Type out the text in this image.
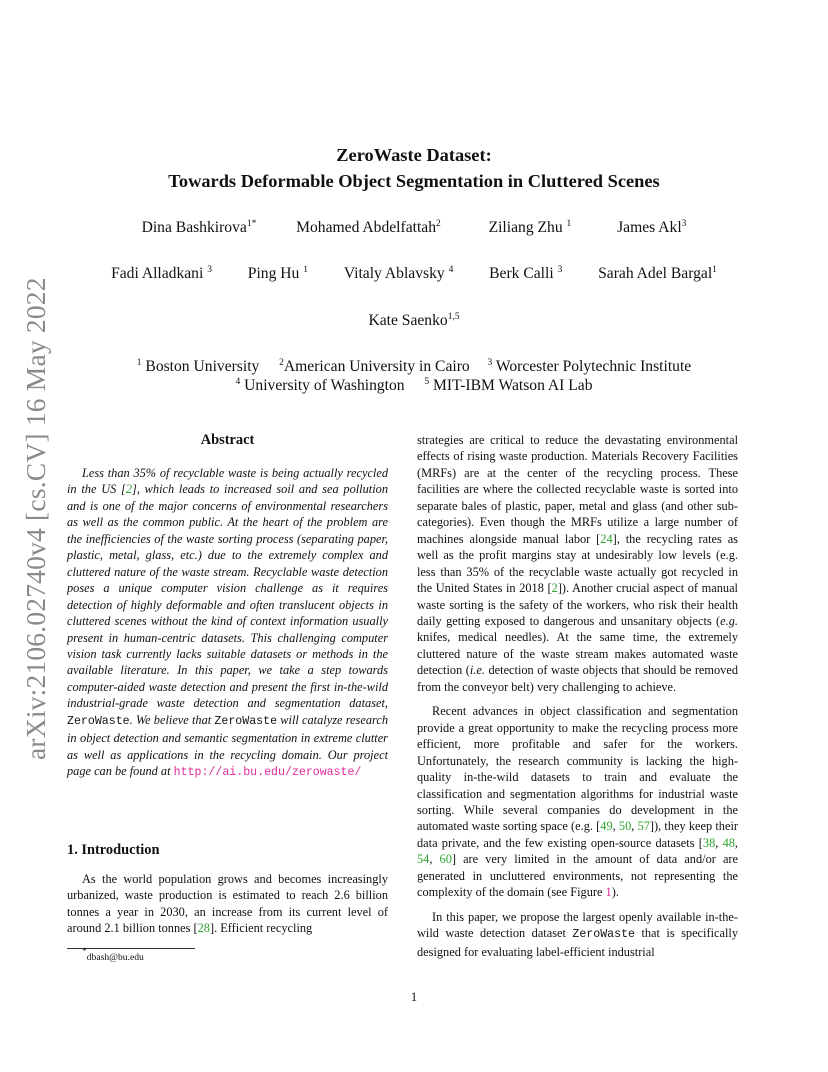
arXiv:2106.02740v4 [cs.CV] 16 May 2022
ZeroWaste Dataset:
Towards Deformable Object Segmentation in Cluttered Scenes
Dina Bashkirova$^{1*}$	Mohamed Abdelfattah$^2$	Ziliang Zhu $^1$	James Akl$^3$
Fadi Alladkani $^3$ Ping Hu $^1$ Vitaly Ablavsky $^4$ Berk Calli $^3$ Sarah Adel Bargal$^1$
Kate Saenko$^{1,5}$
$^1$ Boston University $^2$American University in Cairo $^3$ Worcester Polytechnic Institute
$^4$ University of Washington $^5$ MIT-IBM Watson AI Lab
Abstract

Less than 35% of recyclable waste is being actually recycled in the US [2], which leads to increased soil and sea pollution and is one of the major concerns of environmental researchers as well as the common public. At the heart of the problem are the inefficiencies of the waste sorting process (separating paper, plastic, metal, glass, etc.) due to the extremely complex and cluttered nature of the waste stream. Recyclable waste detection poses a unique computer vision challenge as it requires detection of highly deformable and often translucent objects in cluttered scenes without the kind of context information usually present in human-centric datasets. This challenging computer vision task currently lacks suitable datasets or methods in the available literature. In this paper, we take a step towards computer-aided waste detection and present the first in-the-wild industrial-grade waste detection and segmentation dataset, ZeroWaste. We believe that ZeroWaste will catalyze research in object detection and semantic segmentation in extreme clutter as well as applications in the recycling domain. Our project page can be found at http://ai.bu.edu/zerowaste/

1. Introduction

As the world population grows and becomes increasingly urbanized, waste production is estimated to reach 2.6 billion tonnes a year in 2030, an increase from its current level of around 2.1 billion tonnes [28]. Efficient recycling

*dbash@bu.edu

strategies are critical to reduce the devastating environmental effects of rising waste production. Materials Recovery Facilities (MRFs) are at the center of the recycling process. These facilities are where the collected recyclable waste is sorted into separate bales of plastic, paper, metal and glass (and other sub-categories). Even though the MRFs utilize a large number of machines alongside manual labor [24], the recycling rates as well as the profit margins stay at undesirably low levels (e.g. less than 35% of the recyclable waste actually got recycled in the United States in 2018 [2]). Another crucial aspect of manual waste sorting is the safety of the workers, who risk their health daily getting exposed to dangerous and unsanitary objects (e.g. knifes, medical needles). At the same time, the extremely cluttered nature of the waste stream makes automated waste detection (i.e. detection of waste objects that should be removed from the conveyor belt) very challenging to achieve.

Recent advances in object classification and segmentation provide a great opportunity to make the recycling process more efficient, more profitable and safer for the workers. Unfortunately, the research community is lacking the high-quality in-the-wild datasets to train and evaluate the classification and segmentation algorithms for industrial waste sorting. While several companies do development in the automated waste sorting space (e.g. [49, 50, 57]), they keep their data private, and the few existing open-source datasets [38, 48, 54, 60] are very limited in the amount of data and/or are generated in uncluttered environments, not representing the complexity of the domain (see Figure 1).

In this paper, we propose the largest openly available in-the-wild waste detection dataset ZeroWaste that is specifically designed for evaluating label-efficient industrial

1
